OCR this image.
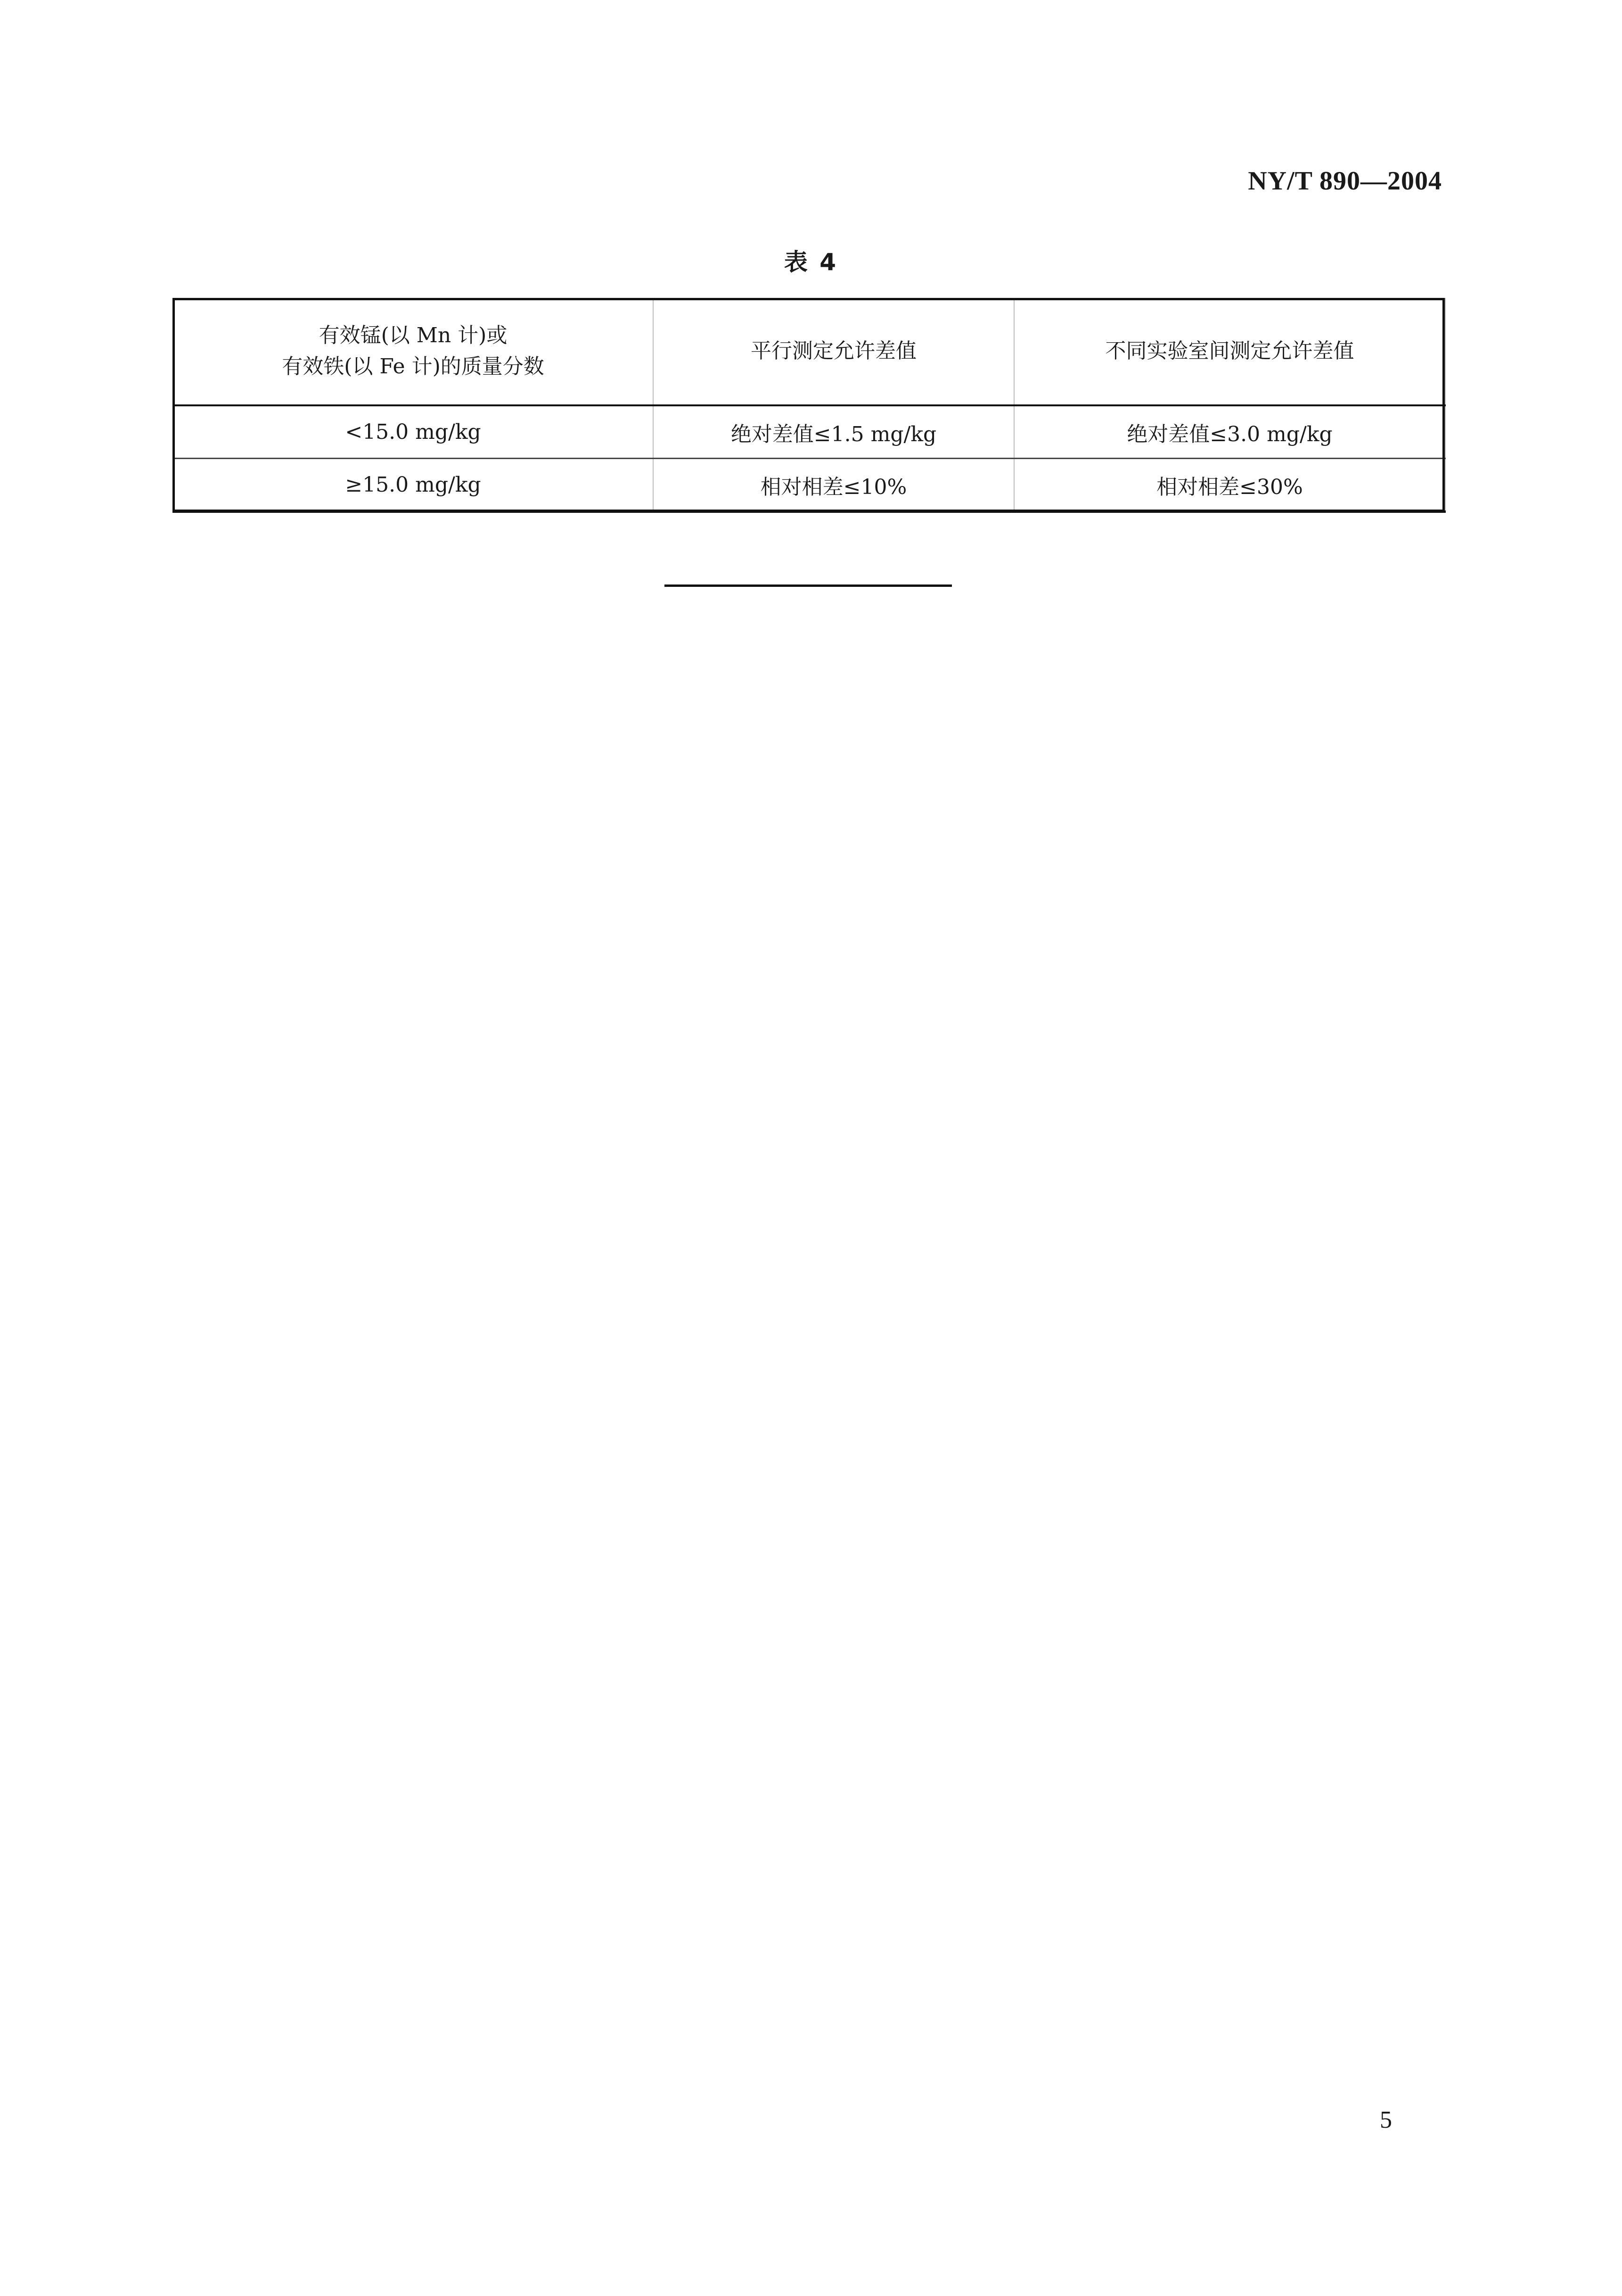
NY/T 890—2004
表 4
有效锰(以 Mn 计)或
有效铁(以 Fe 计)的质量分数	平行测定允许差值	不同实验室间测定允许差值
<15.0 mg/kg	绝对差值≤1.5 mg/kg	绝对差值≤3.0 mg/kg
≥15.0 mg/kg	相对相差≤10%	相对相差≤30%
5
